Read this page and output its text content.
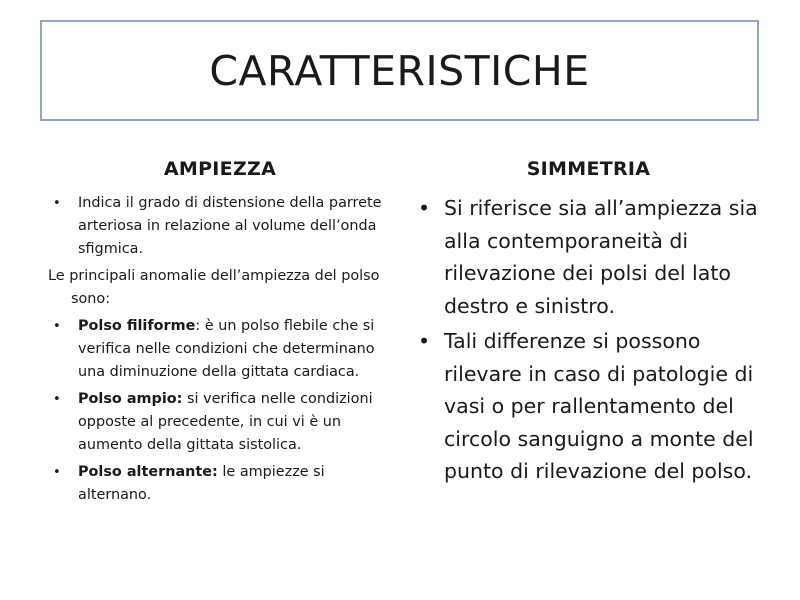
CARATTERISTICHE
AMPIEZZA
• Indica il grado di distensione della parrete arteriosa in relazione al volume dell’onda sfigmica.
Le principali anomalie dell’ampiezza del polso sono:
• Polso filiforme: è un polso flebile che si verifica nelle condizioni che determinano una diminuzione della gittata cardiaca.
• Polso ampio: si verifica nelle condizioni opposte al precedente, in cui vi è un aumento della gittata sistolica.
• Polso alternante: le ampiezze si alternano.
SIMMETRIA
• Si riferisce sia all’ampiezza sia alla contemporaneità di rilevazione dei polsi del lato destro e sinistro.
• Tali differenze si possono rilevare in caso di patologie di vasi o per rallentamento del circolo sanguigno a monte del punto di rilevazione del polso.
